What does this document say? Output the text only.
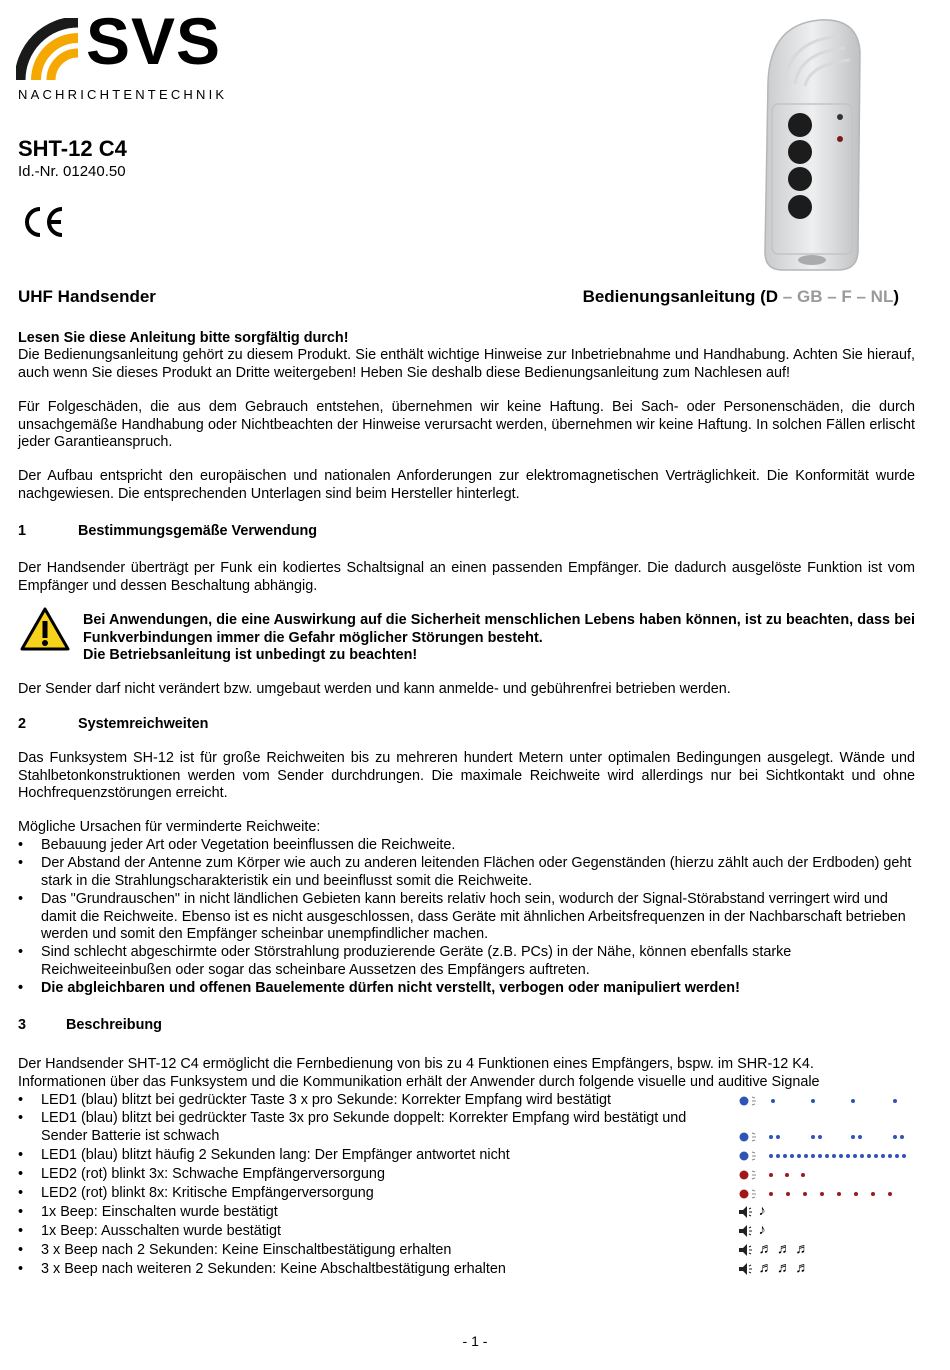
SVS
NACHRICHTENTECHNIK
SHT-12 C4
Id.-Nr. 01240.50
UHF Handsender	Bedienungsanleitung (D – GB – F – NL)
Lesen Sie diese Anleitung bitte sorgfältig durch!
Die Bedienungsanleitung gehört zu diesem Produkt. Sie enthält wichtige Hinweise zur Inbetriebnahme und Handhabung. Achten Sie hierauf, auch wenn Sie dieses Produkt an Dritte weitergeben! Heben Sie deshalb diese Bedienungsanleitung zum Nachlesen auf!
Für Folgeschäden, die aus dem Gebrauch entstehen, übernehmen wir keine Haftung. Bei Sach- oder Personenschäden, die durch unsachgemäße Handhabung oder Nichtbeachten der Hinweise verursacht werden, übernehmen wir keine Haftung. In solchen Fällen erlischt jeder Garantieanspruch.
Der Aufbau entspricht den europäischen und nationalen Anforderungen zur elektromagnetischen Verträglichkeit. Die Konformität wurde nachgewiesen. Die entsprechenden Unterlagen sind beim Hersteller hinterlegt.
1	Bestimmungsgemäße Verwendung
Der Handsender überträgt per Funk ein kodiertes Schaltsignal an einen passenden Empfänger. Die dadurch ausgelöste Funktion ist vom Empfänger und dessen Beschaltung abhängig.
Bei Anwendungen, die eine Auswirkung auf die Sicherheit menschlichen Lebens haben können, ist zu beachten, dass bei Funkverbindungen immer die Gefahr möglicher Störungen besteht.
Die Betriebsanleitung ist unbedingt zu beachten!
Der Sender darf nicht verändert bzw. umgebaut werden und kann anmelde- und gebührenfrei betrieben werden.
2	Systemreichweiten
Das Funksystem SH-12 ist für große Reichweiten bis zu mehreren hundert Metern unter optimalen Bedingungen ausgelegt. Wände und Stahlbetonkonstruktionen werden vom Sender durchdrungen. Die maximale Reichweite wird allerdings nur bei Sichtkontakt und ohne Hochfrequenzstörungen erreicht.
Mögliche Ursachen für verminderte Reichweite:
• Bebauung jeder Art oder Vegetation beeinflussen die Reichweite.
• Der Abstand der Antenne zum Körper wie auch zu anderen leitenden Flächen oder Gegenständen (hierzu zählt auch der Erdboden) geht stark in die Strahlungscharakteristik ein und beeinflusst somit die Reichweite.
• Das "Grundrauschen" in nicht ländlichen Gebieten kann bereits relativ hoch sein, wodurch der Signal-Störabstand verringert wird und damit die Reichweite. Ebenso ist es nicht ausgeschlossen, dass Geräte mit ähnlichen Arbeitsfrequenzen in der Nachbarschaft betrieben werden und somit den Empfänger scheinbar unempfindlicher machen.
• Sind schlecht abgeschirmte oder Störstrahlung produzierende Geräte (z.B. PCs) in der Nähe, können ebenfalls starke Reichweiteeinbußen oder sogar das scheinbare Aussetzen des Empfängers auftreten.
• Die abgleichbaren und offenen Bauelemente dürfen nicht verstellt, verbogen oder manipuliert werden!
3	Beschreibung
Der Handsender SHT-12 C4 ermöglicht die Fernbedienung von bis zu 4 Funktionen eines Empfängers, bspw. im SHR-12 K4.
Informationen über das Funksystem und die Kommunikation erhält der Anwender durch folgende visuelle und auditive Signale
• LED1 (blau) blitzt bei gedrückter Taste 3 x pro Sekunde: Korrekter Empfang wird bestätigt
• LED1 (blau) blitzt bei gedrückter Taste 3x pro Sekunde doppelt: Korrekter Empfang wird bestätigt und Sender Batterie ist schwach
• LED1 (blau) blitzt häufig 2 Sekunden lang: Der Empfänger antwortet nicht
• LED2 (rot) blinkt 3x: Schwache Empfängerversorgung
• LED2 (rot) blinkt 8x: Kritische Empfängerversorgung
• 1x Beep: Einschalten wurde bestätigt
• 1x Beep: Ausschalten wurde bestätigt
• 3 x Beep nach 2 Sekunden: Keine Einschaltbestätigung erhalten
• 3 x Beep nach weiteren 2 Sekunden: Keine Abschaltbestätigung erhalten
♪
♪
♬ ♬ ♬
♬ ♬ ♬
- 1 -
